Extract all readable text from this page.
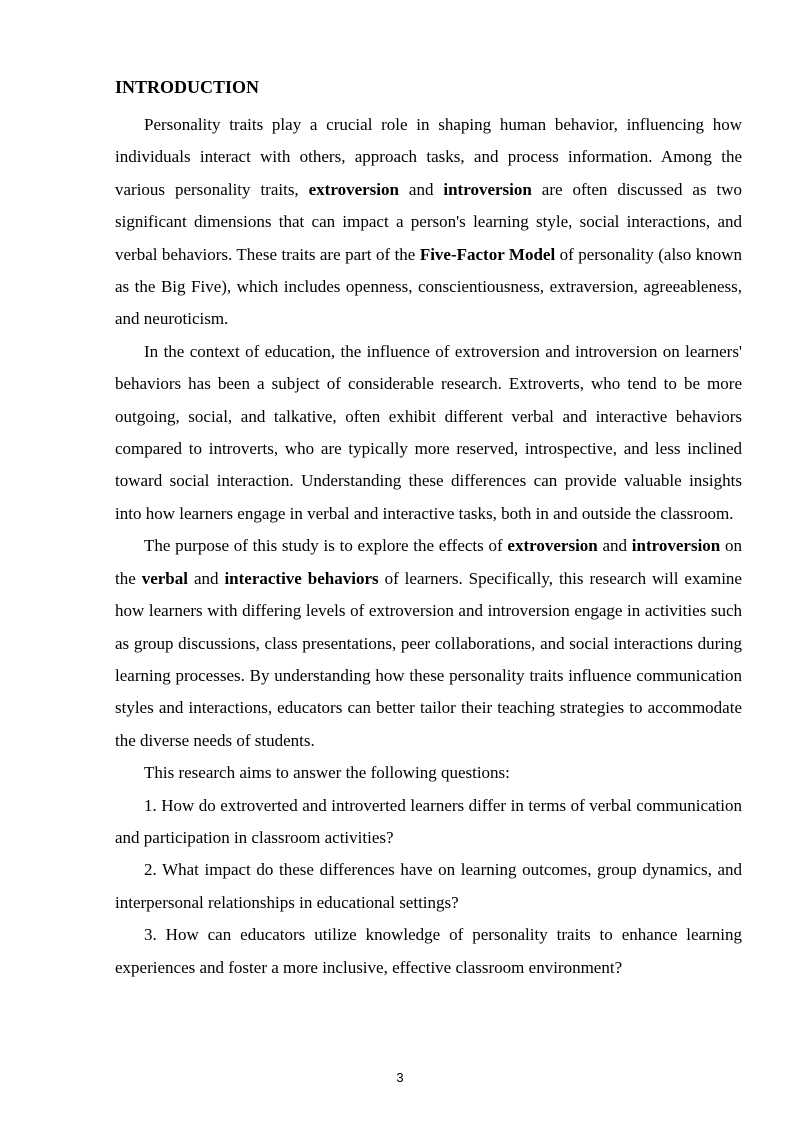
INTRODUCTION

Personality traits play a crucial role in shaping human behavior, influencing how individuals interact with others, approach tasks, and process information. Among the various personality traits, extroversion and introversion are often discussed as two significant dimensions that can impact a person's learning style, social interactions, and verbal behaviors. These traits are part of the Five-Factor Model of personality (also known as the Big Five), which includes openness, conscientiousness, extraversion, agreeableness, and neuroticism.

In the context of education, the influence of extroversion and introversion on learners' behaviors has been a subject of considerable research. Extroverts, who tend to be more outgoing, social, and talkative, often exhibit different verbal and interactive behaviors compared to introverts, who are typically more reserved, introspective, and less inclined toward social interaction. Understanding these differences can provide valuable insights into how learners engage in verbal and interactive tasks, both in and outside the classroom.

The purpose of this study is to explore the effects of extroversion and introversion on the verbal and interactive behaviors of learners. Specifically, this research will examine how learners with differing levels of extroversion and introversion engage in activities such as group discussions, class presentations, peer collaborations, and social interactions during learning processes. By understanding how these personality traits influence communication styles and interactions, educators can better tailor their teaching strategies to accommodate the diverse needs of students.

This research aims to answer the following questions:

1. How do extroverted and introverted learners differ in terms of verbal communication and participation in classroom activities?

2. What impact do these differences have on learning outcomes, group dynamics, and interpersonal relationships in educational settings?

3. How can educators utilize knowledge of personality traits to enhance learning experiences and foster a more inclusive, effective classroom environment?

3
